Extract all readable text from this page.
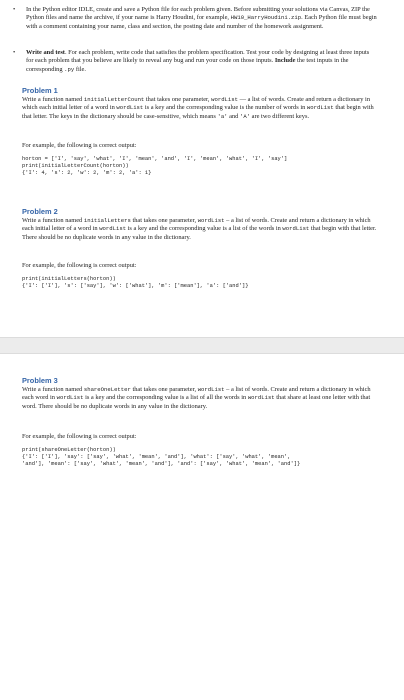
• In the Python editor IDLE, create and save a Python file for each problem given. Before submitting your solutions via Canvas, ZIP the Python files and name the archive, if your name is Harry Houdini, for example, HW10_HarryHoudini.zip. Each Python file must begin with a comment containing your name, class and section, the posting date and number of the homework assignment.
• Write and test. For each problem, write code that satisfies the problem specification. Test your code by designing at least three inputs for each problem that you believe are likely to reveal any bug and run your code on those inputs. Include the test inputs in the corresponding .py file.
Problem 1
Write a function named initialLetterCount that takes one parameter, wordList — a list of words. Create and return a dictionary in which each initial letter of a word in wordList is a key and the corresponding value is the number of words in wordList that begin with that letter. The keys in the dictionary should be case-sensitive, which means 'a' and 'A' are two different keys.
For example, the following is correct output:
horton = ['I', 'say', 'what', 'I', 'mean', 'and', 'I', 'mean', 'what', 'I', 'say']
print(initialLetterCount(horton))
{'I': 4, 's': 2, 'w': 2, 'm': 2, 'a': 1}
Problem 2
Write a function named initialLetters that takes one parameter, wordList – a list of words. Create and return a dictionary in which each initial letter of a word in wordList is a key and the corresponding value is a list of the words in wordList that begin with that letter. There should be no duplicate words in any value in the dictionary.
For example, the following is correct output:
print(initialLetters(horton))
{'I': ['I'], 's': ['say'], 'w': ['what'], 'm': ['mean'], 'a': ['and']}
Problem 3
Write a function named shareOneLetter that takes one parameter, wordList – a list of words. Create and return a dictionary in which each word in wordList is a key and the corresponding value is a list of all the words in wordList that share at least one letter with that word. There should be no duplicate words in any value in the dictionary.
For example, the following is correct output:
print(shareOneLetter(horton))
{'I': ['I'], 'say': ['say', 'what', 'mean', 'and'], 'what': ['say', 'what', 'mean',
'and'], 'mean': ['say', 'what', 'mean', 'and'], 'and': ['say', 'what', 'mean', 'and']}
